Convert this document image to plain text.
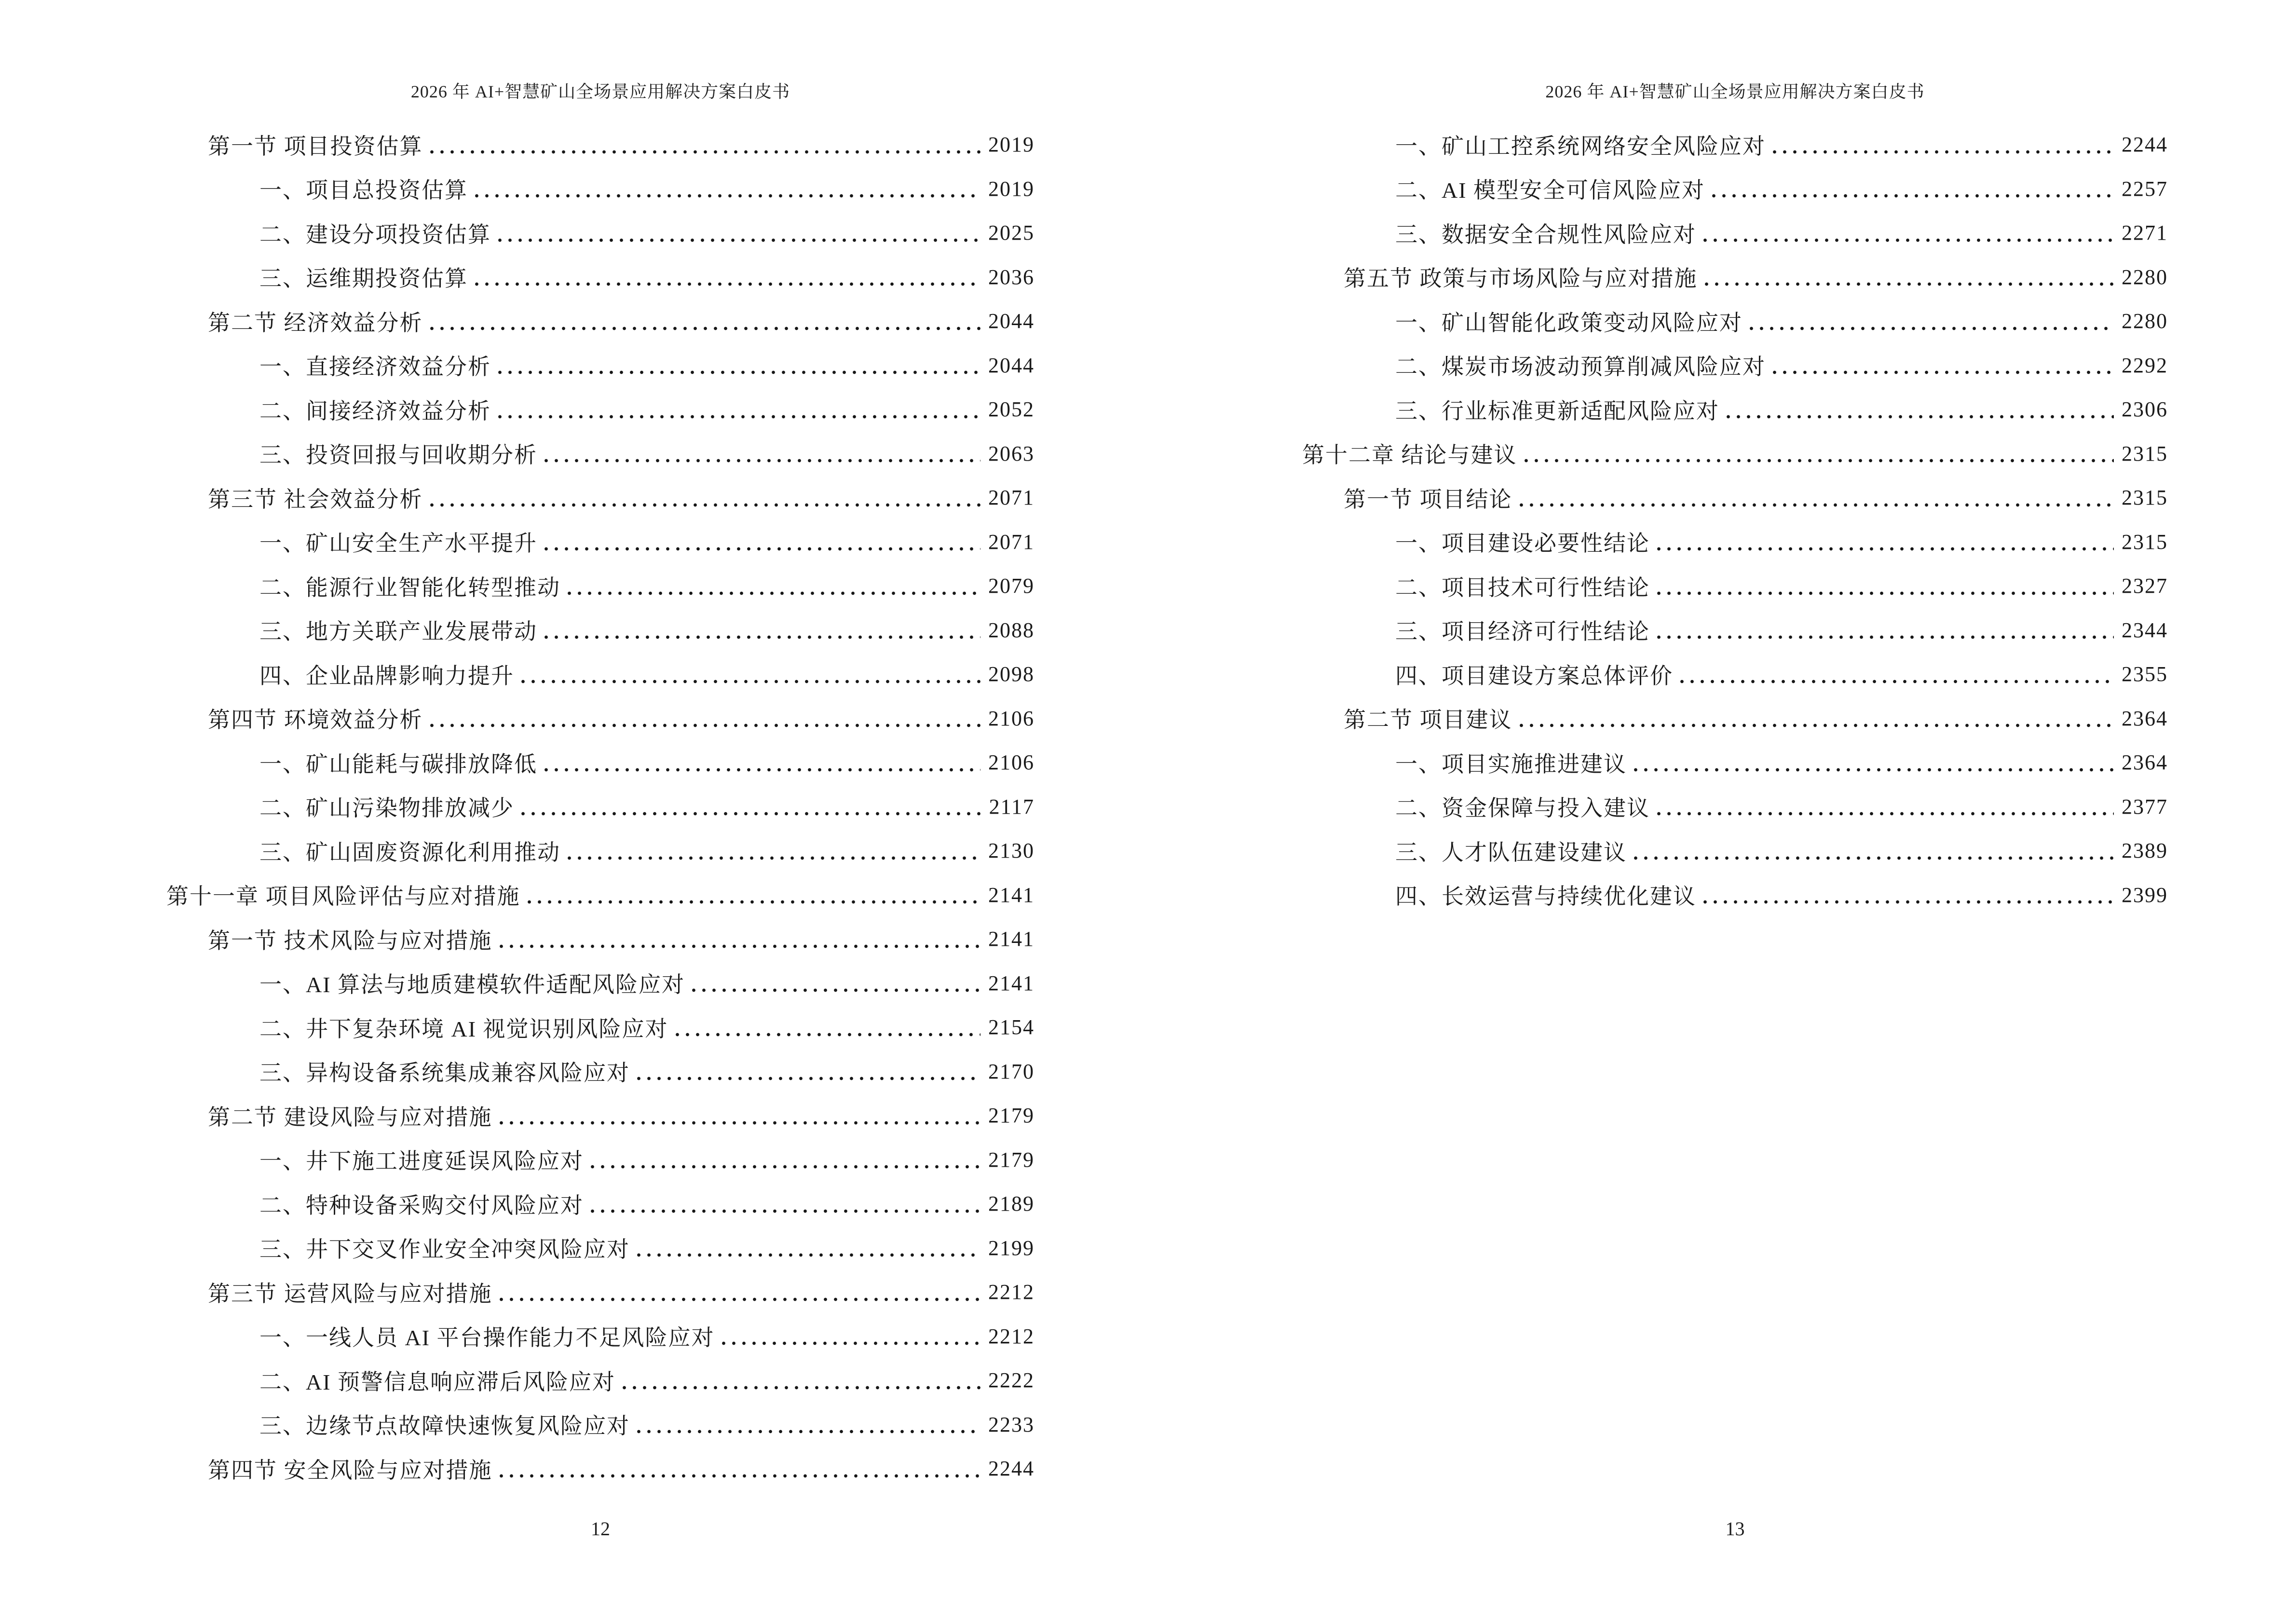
2026 年 AI+智慧矿山全场景应用解决方案白皮书
第一节 项目投资估算	2019
一、项目总投资估算	2019
二、建设分项投资估算	2025
三、运维期投资估算	2036
第二节 经济效益分析	2044
一、直接经济效益分析	2044
二、间接经济效益分析	2052
三、投资回报与回收期分析	2063
第三节 社会效益分析	2071
一、矿山安全生产水平提升	2071
二、能源行业智能化转型推动	2079
三、地方关联产业发展带动	2088
四、企业品牌影响力提升	2098
第四节 环境效益分析	2106
一、矿山能耗与碳排放降低	2106
二、矿山污染物排放减少	2117
三、矿山固废资源化利用推动	2130
第十一章 项目风险评估与应对措施	2141
第一节 技术风险与应对措施	2141
一、AI 算法与地质建模软件适配风险应对	2141
二、井下复杂环境 AI 视觉识别风险应对	2154
三、异构设备系统集成兼容风险应对	2170
第二节 建设风险与应对措施	2179
一、井下施工进度延误风险应对	2179
二、特种设备采购交付风险应对	2189
三、井下交叉作业安全冲突风险应对	2199
第三节 运营风险与应对措施	2212
一、一线人员 AI 平台操作能力不足风险应对	2212
二、AI 预警信息响应滞后风险应对	2222
三、边缘节点故障快速恢复风险应对	2233
第四节 安全风险与应对措施	2244
12
2026 年 AI+智慧矿山全场景应用解决方案白皮书
一、矿山工控系统网络安全风险应对	2244
二、AI 模型安全可信风险应对	2257
三、数据安全合规性风险应对	2271
第五节 政策与市场风险与应对措施	2280
一、矿山智能化政策变动风险应对	2280
二、煤炭市场波动预算削减风险应对	2292
三、行业标准更新适配风险应对	2306
第十二章 结论与建议	2315
第一节 项目结论	2315
一、项目建设必要性结论	2315
二、项目技术可行性结论	2327
三、项目经济可行性结论	2344
四、项目建设方案总体评价	2355
第二节 项目建议	2364
一、项目实施推进建议	2364
二、资金保障与投入建议	2377
三、人才队伍建设建议	2389
四、长效运营与持续优化建议	2399
13
